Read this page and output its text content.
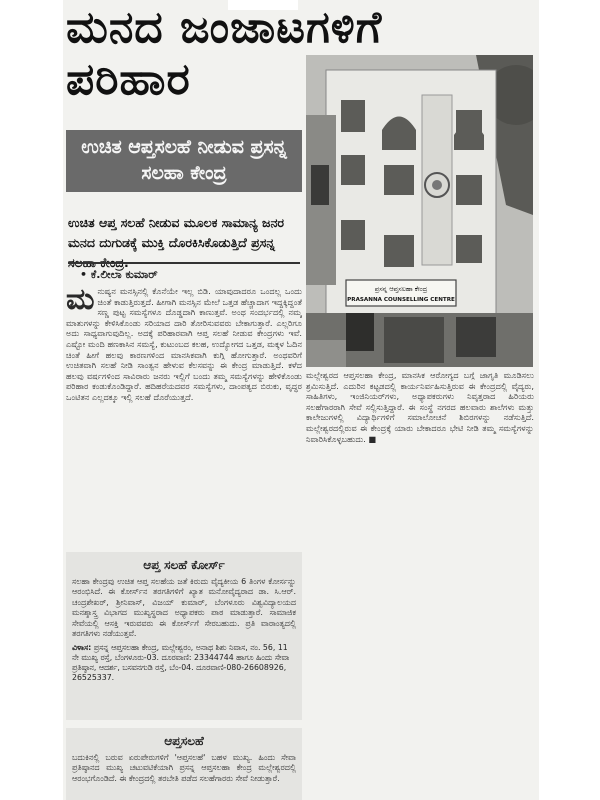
ಮನದ ಜಂಜಾಟಗಳಿಗೆ
ಪರಿಹಾರ
ಪ್ರಸನ್ನ ಆಪ್ತಸಲಹಾ ಕೇಂದ್ರ
PRASANNA COUNSELLING CENTRE
ಉಚಿತ ಆಪ್ತಸಲಹೆ ನೀಡುವ ಪ್ರಸನ್ನ ಸಲಹಾ ಕೇಂದ್ರ

ಉಚಿತ ಆಪ್ತ ಸಲಹೆ ನೀಡುವ ಮೂಲಕ ಸಾಮಾನ್ಯ ಜನರ ಮನದ ದುಗುಡಕ್ಕೆ ಮುಕ್ತಿ ದೊರಕಿಸಿಕೊಡುತ್ತಿದೆ ಪ್ರಸನ್ನ

• ಕೆ.ಲೀಲಾ ಕುಮಾರ್
ಮನುಷ್ಯನ ಮನಸ್ಸಿನಲ್ಲಿ ಕೊನೆಯೇ ಇಲ್ಲ ಬಿಡಿ. ಯಾವುದಾದರೂ ಒಂದಲ್ಲ ಒಂದು ಚಿಂತೆ ಕಾಡುತ್ತಿರುತ್ತದೆ. ಹೀಗಾಗಿ ಮನಸ್ಸಿನ ಮೇಲೆ ಒತ್ತಡ ಹೆಚ್ಚಾದಾಗ ಇದ್ದಕ್ಕಿದ್ದಂತೆ ಸಣ್ಣ ಪುಟ್ಟ ಸಮಸ್ಯೆಗಳೂ ದೊಡ್ಡದಾಗಿ ಕಾಣುತ್ತವೆ. ಅಂಥ ಸಂದರ್ಭದಲ್ಲಿ ನಮ್ಮ ಮಾತುಗಳನ್ನು ಕೇಳಿಸಿಕೊಂಡು ಸರಿಯಾದ ದಾರಿ ತೋರಿಸುವವರು ಬೇಕಾಗುತ್ತಾರೆ. ಎಲ್ಲರಿಗೂ ಅದು ಸಾಧ್ಯವಾಗುವುದಿಲ್ಲ. ಅದಕ್ಕೆ ಪರಿಹಾರವಾಗಿ ಆಪ್ತ ಸಲಹೆ ನೀಡುವ ಕೇಂದ್ರಗಳು ಇವೆ. ಎಷ್ಟೋ ಮಂದಿ ಹಣಕಾಸಿನ ಸಮಸ್ಯೆ, ಕುಟುಂಬದ ಕಲಹ, ಉದ್ಯೋಗದ ಒತ್ತಡ, ಮಕ್ಕಳ ಓದಿನ ಚಿಂತೆ ಹೀಗೆ ಹಲವು ಕಾರಣಗಳಿಂದ ಮಾನಸಿಕವಾಗಿ ಕುಗ್ಗಿ ಹೋಗುತ್ತಾರೆ. ಅಂಥವರಿಗೆ ಉಚಿತವಾಗಿ ಸಲಹೆ ನೀಡಿ ಸಾಂತ್ವನ ಹೇಳುವ ಕೆಲಸವನ್ನು ಈ ಕೇಂದ್ರ ಮಾಡುತ್ತಿದೆ. ಕಳೆದ ಹಲವು ವರ್ಷಗಳಿಂದ ಸಾವಿರಾರು ಜನರು ಇಲ್ಲಿಗೆ ಬಂದು ತಮ್ಮ ಸಮಸ್ಯೆಗಳನ್ನು ಹೇಳಿಕೊಂಡು ಪರಿಹಾರ ಕಂಡುಕೊಂಡಿದ್ದಾರೆ. ಹದಿಹರೆಯದವರ ಸಮಸ್ಯೆಗಳು, ದಾಂಪತ್ಯದ ಬಿರುಕು, ವೃದ್ಧರ ಒಂಟಿತನ ಎಲ್ಲದಕ್ಕೂ ಇಲ್ಲಿ ಸಲಹೆ ದೊರೆಯುತ್ತದೆ.
ಮಲ್ಲೇಶ್ವರದ ಆಪ್ತಸಲಹಾ ಕೇಂದ್ರ, ಮಾನಸಿಕ ಆರೋಗ್ಯದ ಬಗ್ಗೆ ಜಾಗೃತಿ ಮೂಡಿಸಲು ಶ್ರಮಿಸುತ್ತಿದೆ. ಎದುರಿನ ಕಟ್ಟಡದಲ್ಲಿ ಕಾರ್ಯನಿರ್ವಹಿಸುತ್ತಿರುವ ಈ ಕೇಂದ್ರದಲ್ಲಿ ವೈದ್ಯರು, ಸಾಹಿತಿಗಳು, ಇಂಜಿನಿಯರ್‌ಗಳು, ಅಧ್ಯಾಪಕರುಗಳು ನಿವೃತ್ತರಾದ ಹಿರಿಯರು ಸಲಹೆಗಾರರಾಗಿ ಸೇವೆ ಸಲ್ಲಿಸುತ್ತಿದ್ದಾರೆ. ಈ ಸಂಸ್ಥೆ ನಗರದ ಹಲವಾರು ಶಾಲೆಗಳು ಮತ್ತು ಕಾಲೇಜುಗಳಲ್ಲಿ ವಿದ್ಯಾರ್ಥಿಗಳಿಗೆ ಸಮಾಲೋಚನೆ ಶಿಬಿರಗಳನ್ನು ನಡೆಸುತ್ತಿದೆ. ಮಲ್ಲೇಶ್ವರದಲ್ಲಿರುವ ಈ ಕೇಂದ್ರಕ್ಕೆ ಯಾರು ಬೇಕಾದರೂ ಭೇಟಿ ನೀಡಿ ತಮ್ಮ ಸಮಸ್ಯೆಗಳನ್ನು ನಿವಾರಿಸಿಕೊಳ್ಳಬಹುದು. ■
ಆಪ್ತ ಸಲಹೆ ಕೋರ್ಸ್

ಸಲಹಾ ಕೇಂದ್ರವು ಉಚಿತ ಆಪ್ತ ಸಲಹೆಯ ಜತೆ ಕಿರುದು ವೈದ್ಯಕೀಯ 6 ತಿಂಗಳ ಕೋರ್ಸನ್ನು ಆರಂಭಿಸಿದೆ. ಈ ಕೋರ್ಸ್‌ನ ತರಗತಿಗಳಿಗೆ ಖ್ಯಾತ ಮನೋವೈದ್ಯರಾದ ಡಾ. ಸಿ.ಆರ್. ಚಂದ್ರಶೇಖರ್, ಶ್ರೀನಿವಾಸ್, ವಿಜಯ್ ಕುಮಾರ್, ಬೆಂಗಳೂರು ವಿಶ್ವವಿದ್ಯಾಲಯದ ಮನಶ್ಶಾಸ್ತ್ರ ವಿಭಾಗದ ಮುಖ್ಯಸ್ಥರಾದ ಅಧ್ಯಾಪಕರು ಪಾಠ ಮಾಡುತ್ತಾರೆ. ಸಾಮಾಜಿಕ ಸೇವೆಯಲ್ಲಿ ಆಸಕ್ತಿ ಇರುವವರು ಈ ಕೋರ್ಸ್‌ಗೆ ಸೇರಬಹುದು. ಪ್ರತಿ ವಾರಾಂತ್ಯದಲ್ಲಿ ತರಗತಿಗಳು ನಡೆಯುತ್ತವೆ.

ವಿಳಾಸ: ಪ್ರಸನ್ನ ಆಪ್ತಸಲಹಾ ಕೇಂದ್ರ, ಮಲ್ಲೇಶ್ವರಂ, ಅನಾಥ ಶಿಶು ನಿವಾಸ, ನಂ. 56, 11 ನೇ ಮುಖ್ಯ ರಸ್ತೆ, ಬೆಂಗಳೂರು-03. ದೂರವಾಣಿ: 23344744 ಹಾಗೂ ಹಿಂದು ಸೇವಾ ಪ್ರತಿಷ್ಠಾನ, ಆದರ್ಶ, ಬಸವನಗುಡಿ ರಸ್ತೆ, ಬೆಂ-04. ದೂರವಾಣಿ-080-26608926, 26525337.
ಆಪ್ತಸಲಹೆ

ಬದುಕಿನಲ್ಲಿ ಬರುವ ಏರುಪೇರುಗಳಿಗೆ 'ಆಪ್ತಸಲಹೆ' ಬಹಳ ಮುಖ್ಯ. ಹಿಂದು ಸೇವಾ ಪ್ರತಿಷ್ಠಾನದ ಮುಖ್ಯ ಚಟುವಟಿಕೆಯಾಗಿ ಪ್ರಸನ್ನ ಆಪ್ತಸಲಹಾ ಕೇಂದ್ರ ಮಲ್ಲೇಶ್ವರದಲ್ಲಿ ಆರಂಭಗೊಂಡಿದೆ. ಈ ಕೇಂದ್ರದಲ್ಲಿ ತರಬೇತಿ ಪಡೆದ ಸಲಹೆಗಾರರು ಸೇವೆ ನೀಡುತ್ತಾರೆ.
